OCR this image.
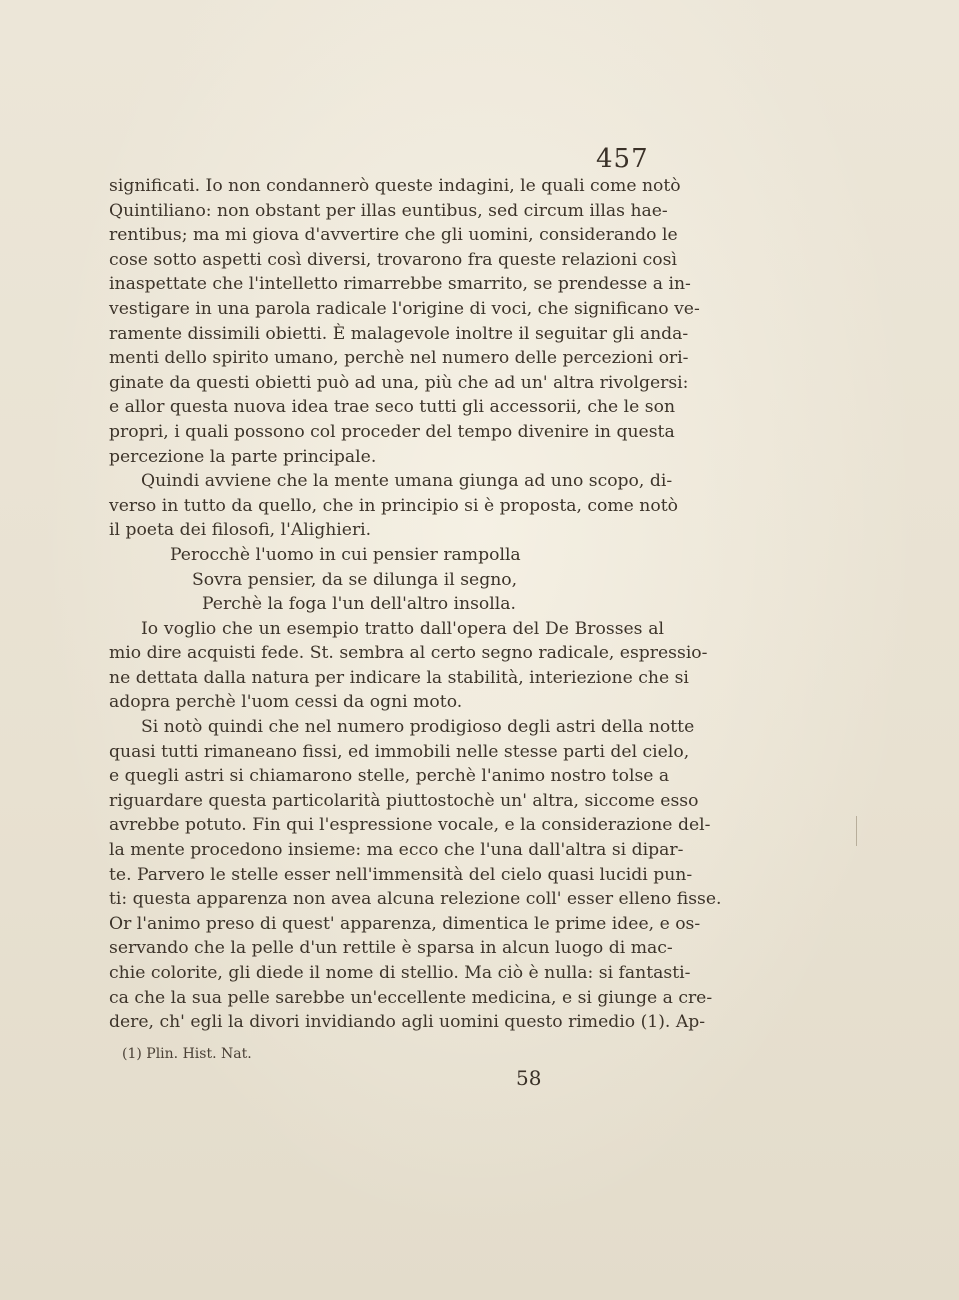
457
significati. Io non condannerò queste indagini, le quali come notò
Quintiliano: non obstant per illas euntibus, sed circum illas hae-
rentibus; ma mi giova d'avvertire che gli uomini, considerando le
cose sotto aspetti così diversi, trovarono fra queste relazioni così
inaspettate che l'intelletto rimarrebbe smarrito, se prendesse a in-
vestigare in una parola radicale l'origine di voci, che significano ve-
ramente dissimili obietti. È malagevole inoltre il seguitar gli anda-
menti dello spirito umano, perchè nel numero delle percezioni ori-
ginate da questi obietti può ad una, più che ad un' altra rivolgersi:
e allor questa nuova idea trae seco tutti gli accessorii, che le son
propri, i quali possono col proceder del tempo divenire in questa
percezione la parte principale.
Quindi avviene che la mente umana giunga ad uno scopo, di-
verso in tutto da quello, che in principio si è proposta, come notò
il poeta dei filosofi, l'Alighieri.
Perocchè l'uomo in cui pensier rampolla
Sovra pensier, da se dilunga il segno,
Perchè la foga l'un dell'altro insolla.
Io voglio che un esempio tratto dall'opera del De Brosses al
mio dire acquisti fede. St. sembra al certo segno radicale, espressio-
ne dettata dalla natura per indicare la stabilità, interiezione che si
adopra perchè l'uom cessi da ogni moto.
Si notò quindi che nel numero prodigioso degli astri della notte
quasi tutti rimaneano fissi, ed immobili nelle stesse parti del cielo,
e quegli astri si chiamarono stelle, perchè l'animo nostro tolse a
riguardare questa particolarità piuttostochè un' altra, siccome esso
avrebbe potuto. Fin qui l'espressione vocale, e la considerazione del-
la mente procedono insieme: ma ecco che l'una dall'altra si dipar-
te. Parvero le stelle esser nell'immensità del cielo quasi lucidi pun-
ti: questa apparenza non avea alcuna relezione coll' esser elleno fisse.
Or l'animo preso di quest' apparenza, dimentica le prime idee, e os-
servando che la pelle d'un rettile è sparsa in alcun luogo di mac-
chie colorite, gli diede il nome di stellio. Ma ciò è nulla: si fantasti-
ca che la sua pelle sarebbe un'eccellente medicina, e si giunge a cre-
dere, ch' egli la divori invidiando agli uomini questo rimedio (1). Ap-
(1) Plin. Hist. Nat.
58
